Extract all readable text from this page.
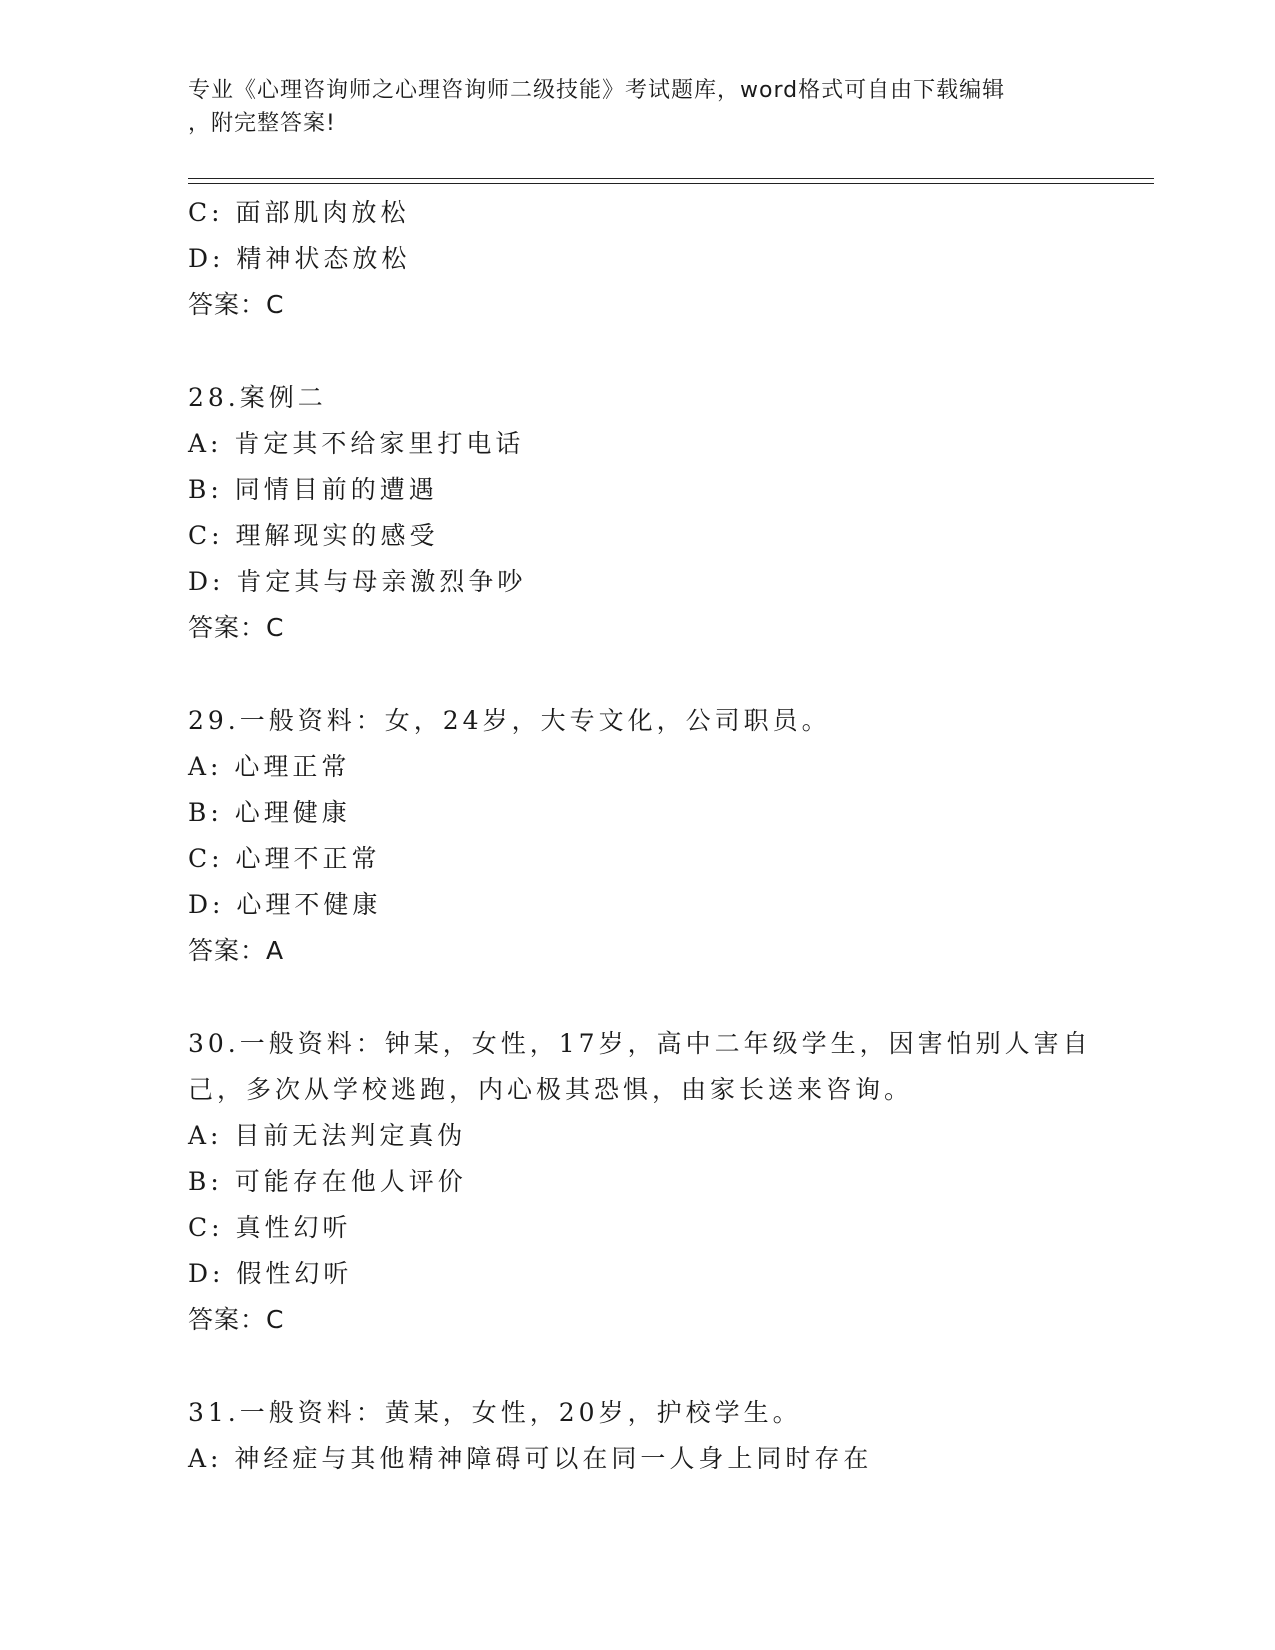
专业《心理咨询师之心理咨询师二级技能》考试题库，word格式可自由下载编辑
，附完整答案!
C: 面部肌肉放松
D: 精神状态放松
答案：C
28.案例二
A: 肯定其不给家里打电话
B: 同情目前的遭遇
C: 理解现实的感受
D: 肯定其与母亲激烈争吵
答案：C
29.一般资料：女，24岁，大专文化，公司职员。
A: 心理正常
B: 心理健康
C: 心理不正常
D: 心理不健康
答案：A
30.一般资料：钟某，女性，17岁，高中二年级学生，因害怕别人害自
己，多次从学校逃跑，内心极其恐惧，由家长送来咨询。
A: 目前无法判定真伪
B: 可能存在他人评价
C: 真性幻听
D: 假性幻听
答案：C
31.一般资料：黄某，女性，20岁，护校学生。
A: 神经症与其他精神障碍可以在同一人身上同时存在
